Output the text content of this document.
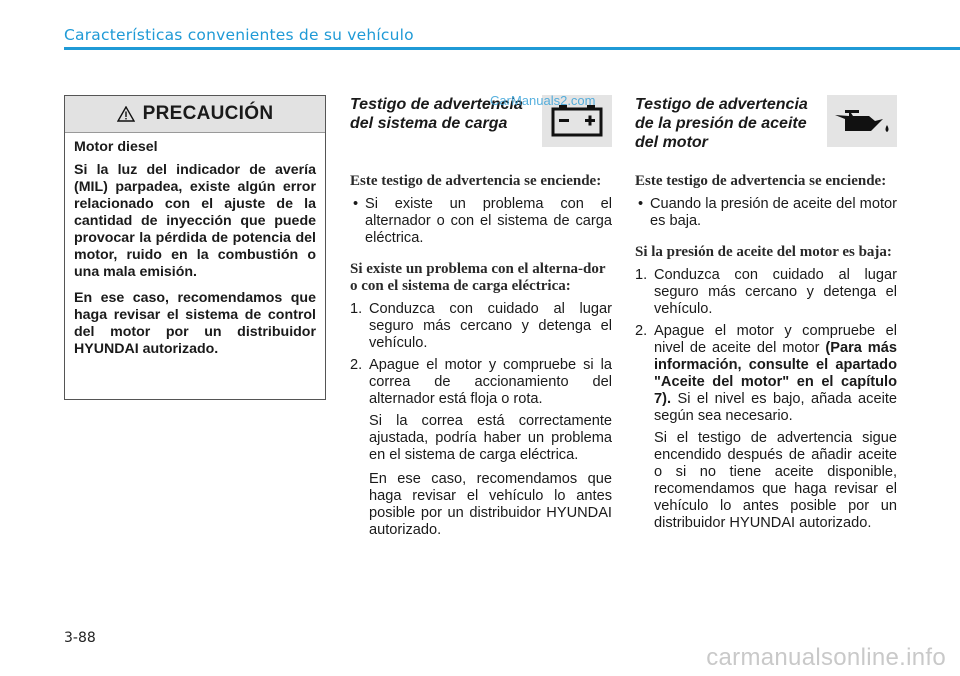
Características convenientes de su vehículo
PRECAUCIÓN

Motor diesel

Si la luz del indicador de avería (MIL) parpadea, existe algún error relacionado con el ajuste de la cantidad de inyección que puede provocar la pérdida de potencia del motor, ruido en la combustión o una mala emisión.

En ese caso, recomendamos que haga revisar el sistema de control del motor por un distribuidor HYUNDAI autorizado.

Testigo de advertencia del sistema de carga
Este testigo de advertencia se enciende:
• Si existe un problema con el alternador o con el sistema de carga eléctrica.
Si existe un problema con el alterna-dor o con el sistema de carga eléctrica:
1. Conduzca con cuidado al lugar seguro más cercano y detenga el vehículo.
2. Apague el motor y compruebe si la correa de accionamiento del alternador está floja o rota.
Si la correa está correctamente ajustada, podría haber un problema en el sistema de carga eléctrica.
En ese caso, recomendamos que haga revisar el vehículo lo antes posible por un distribuidor HYUNDAI autorizado.
Testigo de advertencia de la presión de aceite del motor
Este testigo de advertencia se enciende:
• Cuando la presión de aceite del motor es baja.
Si la presión de aceite del motor es baja:
1. Conduzca con cuidado al lugar seguro más cercano y detenga el vehículo.
2. Apague el motor y compruebe el nivel de aceite del motor (Para más información, consulte el apartado "Aceite del motor" en el capítulo 7). Si el nivel es bajo, añada aceite según sea necesario.
Si el testigo de advertencia sigue encendido después de añadir aceite o si no tiene aceite disponible, recomendamos que haga revisar el vehículo lo antes posible por un distribuidor HYUNDAI autorizado.
CarManuals2.com
3-88
carmanualsonline.info
